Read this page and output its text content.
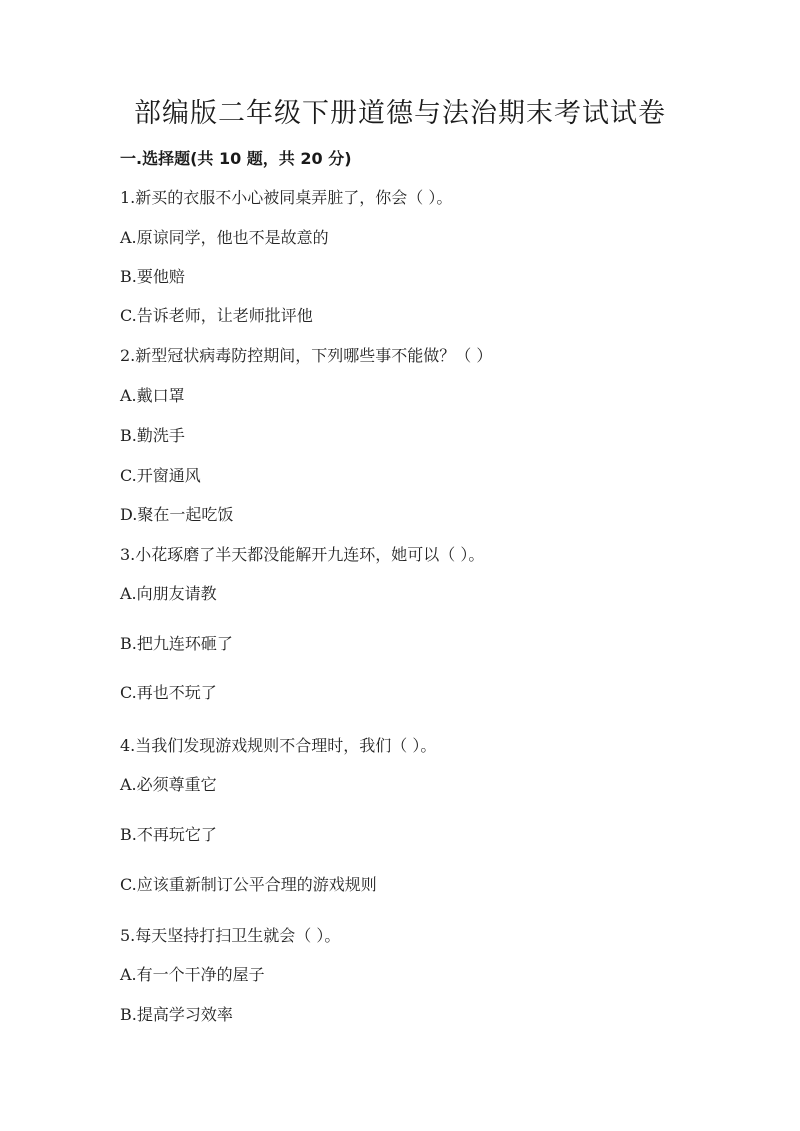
部编版二年级下册道德与法治期末考试试卷
一.选择题(共 10 题，共 20 分)
1.新买的衣服不小心被同桌弄脏了，你会（ ）。
A.原谅同学，他也不是故意的
B.要他赔
C.告诉老师，让老师批评他
2.新型冠状病毒防控期间，下列哪些事不能做？（ ）
A.戴口罩
B.勤洗手
C.开窗通风
D.聚在一起吃饭
3.小花琢磨了半天都没能解开九连环，她可以（ ）。
A.向朋友请教
B.把九连环砸了
C.再也不玩了
4.当我们发现游戏规则不合理时，我们（ ）。
A.必须尊重它
B.不再玩它了
C.应该重新制订公平合理的游戏规则
5.每天坚持打扫卫生就会（ ）。
A.有一个干净的屋子
B.提高学习效率
